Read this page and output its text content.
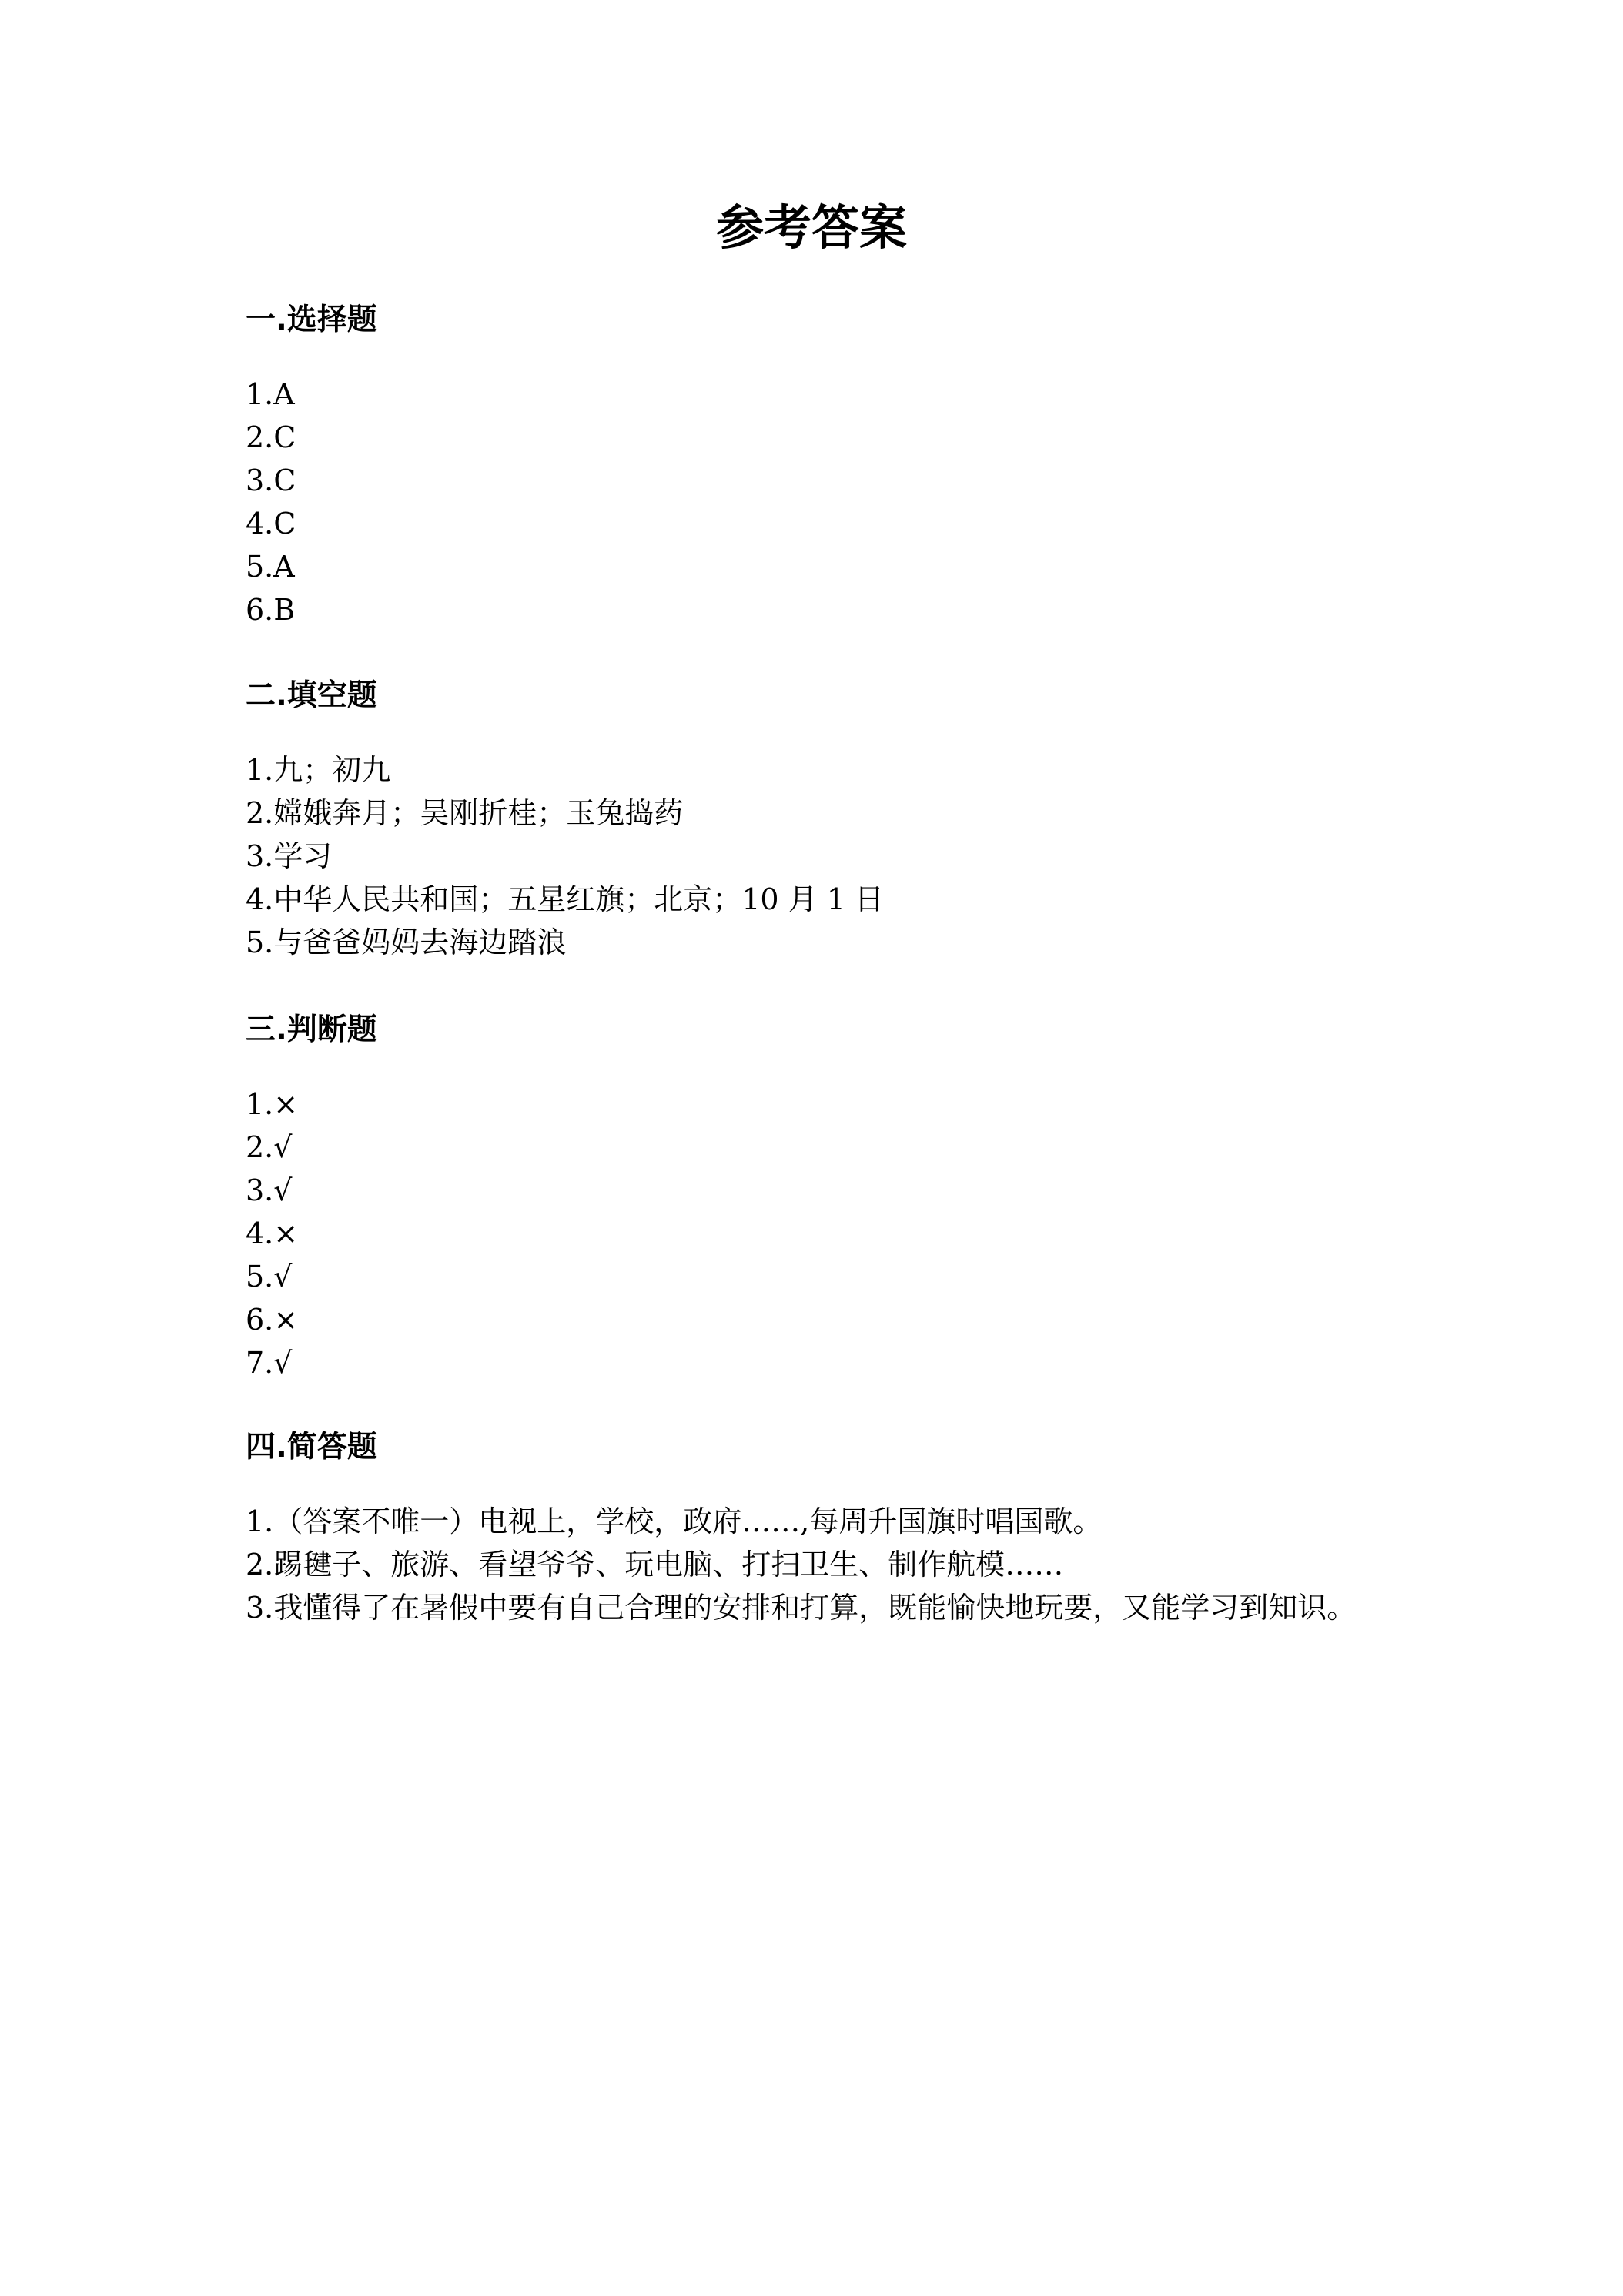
参考答案
一.选择题
1.A
2.C
3.C
4.C
5.A
6.B
二.填空题
1.九；初九
2.嫦娥奔月；吴刚折桂；玉兔捣药
3.学习
4.中华人民共和国；五星红旗；北京；10 月 1 日
5.与爸爸妈妈去海边踏浪
三.判断题
1.×
2.√
3.√
4.×
5.√
6.×
7.√
四.简答题
1.（答案不唯一）电视上，学校，政府……,每周升国旗时唱国歌。
2.踢毽子、旅游、看望爷爷、玩电脑、打扫卫生、制作航模……
3.我懂得了在暑假中要有自己合理的安排和打算，既能愉快地玩要，又能学习到知识。
